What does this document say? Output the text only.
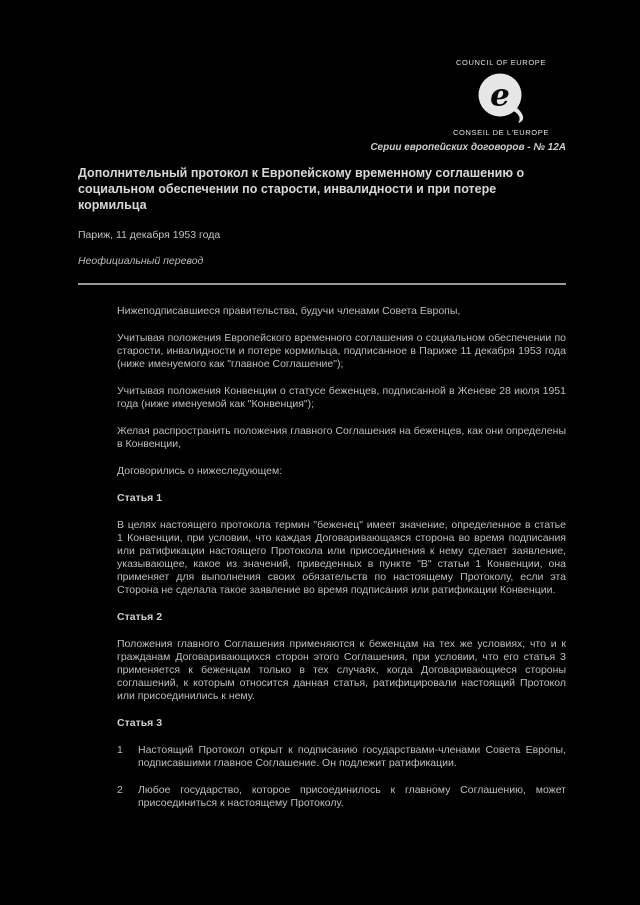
COUNCIL OF EUROPE
e
CONSEIL DE L'EUROPE

Серии европейских договоров - № 12А

Дополнительный протокол к Европейскому временному соглашению о социальном обеспечении по старости, инвалидности и при потере кормильца

Париж, 11 декабря 1953 года

Неофициальный перевод

Нижеподписавшиеся правительства, будучи членами Совета Европы,

Учитывая положения Европейского временного соглашения о социальном обеспечении по старости, инвалидности и потере кормильца, подписанное в Париже 11 декабря 1953 года (ниже именуемого как "главное Соглашение");

Учитывая положения Конвенции о статусе беженцев, подписанной в Женеве 28 июля 1951 года (ниже именуемой как "Конвенция");

Желая распространить положения главного Соглашения на беженцев, как они определены в Конвенции,

Договорились о нижеследующем:

Статья 1

В целях настоящего протокола термин "беженец" имеет значение, определенное в статье 1 Конвенции, при условии, что каждая Договаривающаяся сторона во время подписания или ратификации настоящего Протокола или присоединения к нему сделает заявление, указывающее, какое из значений, приведенных в пункте "В" статьи 1 Конвенции, она применяет для выполнения своих обязательств по настоящему Протоколу, если эта Сторона не сделала такое заявление во время подписания или ратификации Конвенции.

Статья 2

Положения главного Соглашения применяются к беженцам на тех же условиях, что и к гражданам Договаривающихся сторон этого Соглашения, при условии, что его статья 3 применяется к беженцам только в тех случаях, когда Договаривающиеся стороны соглашений, к которым относится данная статья, ратифицировали настоящий Протокол или присоединились к нему.

Статья 3
1	Настоящий Протокол открыт к подписанию государствами-членами Совета Европы, подписавшими главное Соглашение. Он подлежит ратификации.
2	Любое государство, которое присоединилось к главному Соглашению, может присоединиться к настоящему Протоколу.
